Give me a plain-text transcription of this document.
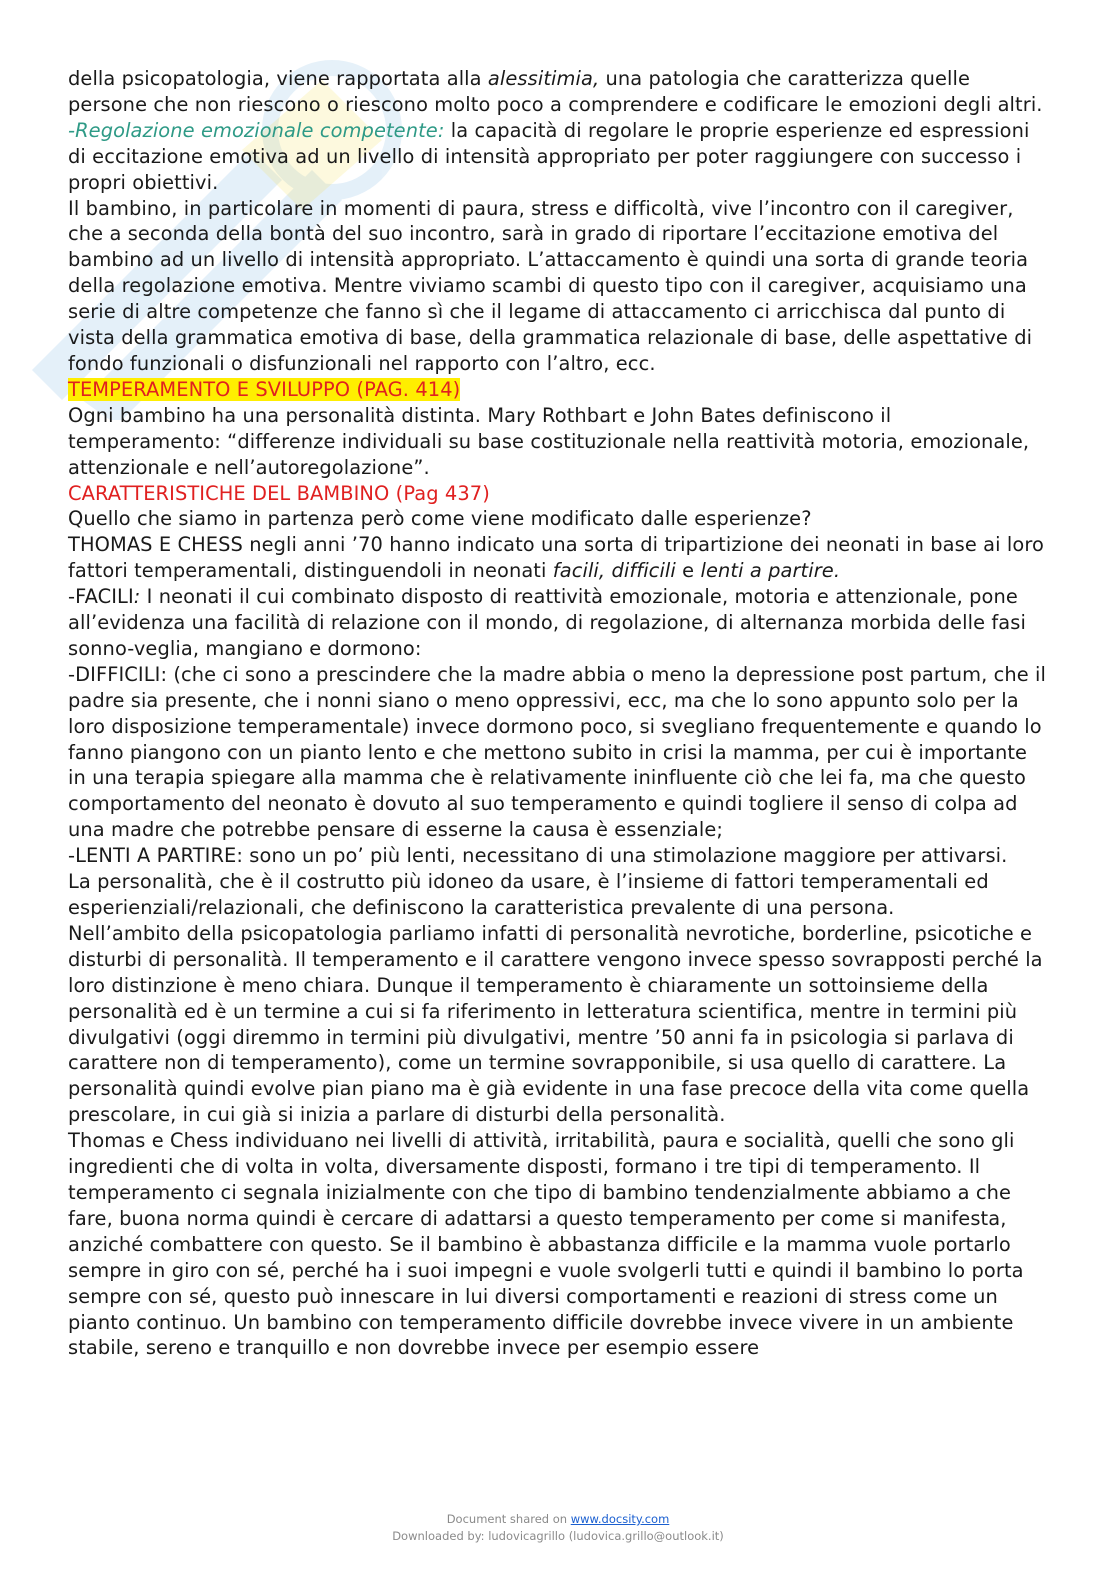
della psicopatologia, viene rapportata alla alessitimia, una patologia che caratterizza quelle persone che non riescono o riescono molto poco a comprendere e codificare le emozioni degli altri.

-Regolazione emozionale competente: la capacità di regolare le proprie esperienze ed espressioni di eccitazione emotiva ad un livello di intensità appropriato per poter raggiungere con successo i propri obiettivi.

Il bambino, in particolare in momenti di paura, stress e difficoltà, vive l’incontro con il caregiver, che a seconda della bontà del suo incontro, sarà in grado di riportare l’eccitazione emotiva del bambino ad un livello di intensità appropriato. L’attaccamento è quindi una sorta di grande teoria della regolazione emotiva. Mentre viviamo scambi di questo tipo con il caregiver, acquisiamo una serie di altre competenze che fanno sì che il legame di attaccamento ci arricchisca dal punto di vista della grammatica emotiva di base, della grammatica relazionale di base, delle aspettative di fondo funzionali o disfunzionali nel rapporto con l’altro, ecc.

TEMPERAMENTO E SVILUPPO (PAG. 414)

Ogni bambino ha una personalità distinta. Mary Rothbart e John Bates definiscono il temperamento: “differenze individuali su base costituzionale nella reattività motoria, emozionale, attenzionale e nell’autoregolazione”.

CARATTERISTICHE DEL BAMBINO (Pag 437)

Quello che siamo in partenza però come viene modificato dalle esperienze?

THOMAS E CHESS negli anni ’70 hanno indicato una sorta di tripartizione dei neonati in base ai loro fattori temperamentali, distinguendoli in neonati facili, difficili e lenti a partire.

-FACILI: I neonati il cui combinato disposto di reattività emozionale, motoria e attenzionale, pone all’evidenza una facilità di relazione con il mondo, di regolazione, di alternanza morbida delle fasi sonno-veglia, mangiano e dormono:

-DIFFICILI: (che ci sono a prescindere che la madre abbia o meno la depressione post partum, che il padre sia presente, che i nonni siano o meno oppressivi, ecc, ma che lo sono appunto solo per la loro disposizione temperamentale) invece dormono poco, si svegliano frequentemente e quando lo fanno piangono con un pianto lento e che mettono subito in crisi la mamma, per cui è importante in una terapia spiegare alla mamma che è relativamente ininfluente ciò che lei fa, ma che questo comportamento del neonato è dovuto al suo temperamento e quindi togliere il senso di colpa ad una madre che potrebbe pensare di esserne la causa è essenziale;

-LENTI A PARTIRE: sono un po’ più lenti, necessitano di una stimolazione maggiore per attivarsi.

La personalità, che è il costrutto più idoneo da usare, è l’insieme di fattori temperamentali ed esperienziali/relazionali, che definiscono la caratteristica prevalente di una persona.

Nell’ambito della psicopatologia parliamo infatti di personalità nevrotiche, borderline, psicotiche e disturbi di personalità. Il temperamento e il carattere vengono invece spesso sovrapposti perché la loro distinzione è meno chiara. Dunque il temperamento è chiaramente un sottoinsieme della personalità ed è un termine a cui si fa riferimento in letteratura scientifica, mentre in termini più divulgativi (oggi diremmo in termini più divulgativi, mentre ’50 anni fa in psicologia si parlava di carattere non di temperamento), come un termine sovrapponibile, si usa quello di carattere. La personalità quindi evolve pian piano ma è già evidente in una fase precoce della vita come quella prescolare, in cui già si inizia a parlare di disturbi della personalità.

Thomas e Chess individuano nei livelli di attività, irritabilità, paura e socialità, quelli che sono gli ingredienti che di volta in volta, diversamente disposti, formano i tre tipi di temperamento. Il temperamento ci segnala inizialmente con che tipo di bambino tendenzialmente abbiamo a che fare, buona norma quindi è cercare di adattarsi a questo temperamento per come si manifesta, anziché combattere con questo. Se il bambino è abbastanza difficile e la mamma vuole portarlo sempre in giro con sé, perché ha i suoi impegni e vuole svolgerli tutti e quindi il bambino lo porta sempre con sé, questo può innescare in lui diversi comportamenti e reazioni di stress come un pianto continuo. Un bambino con temperamento difficile dovrebbe invece vivere in un ambiente stabile, sereno e tranquillo e non dovrebbe invece per esempio essere

Document shared on www.docsity.com
Downloaded by: ludovicagrillo (ludovica.grillo@outlook.it)
